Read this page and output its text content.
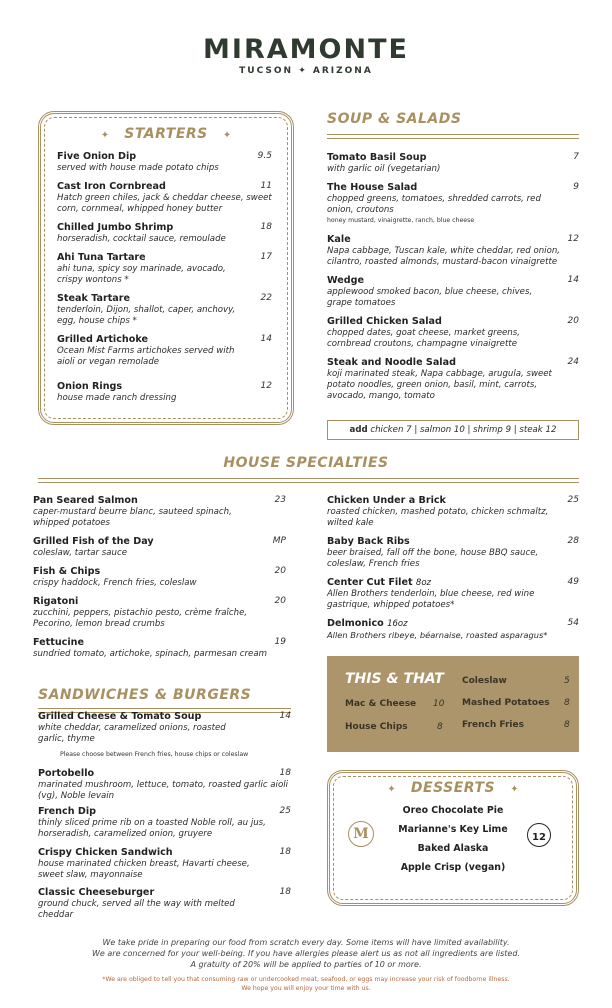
MIRAMONTE
TUCSON ✦ ARIZONA
✦ STARTERS ✦
Five Onion Dip
served with house made potato chips
9.5
Cast Iron Cornbread
Hatch green chiles, jack & cheddar cheese, sweet corn, cornmeal, whipped honey butter
11
Chilled Jumbo Shrimp
horseradish, cocktail sauce, remoulade
18
Ahi Tuna Tartare
ahi tuna, spicy soy marinade, avocado, crispy wontons *
17
Steak Tartare
tenderloin, Dijon, shallot, caper, anchovy, egg, house chips *
22
Grilled Artichoke
Ocean Mist Farms artichokes served with aioli or vegan remolade
14
Onion Rings
house made ranch dressing
12
SOUP & SALADS
Tomato Basil Soup
with garlic oil (vegetarian)
7
The House Salad
chopped greens, tomatoes, shredded carrots, red onion, croutons
honey mustard, vinaigrette, ranch, blue cheese
9
Kale
Napa cabbage, Tuscan kale, white cheddar, red onion, cilantro, roasted almonds, mustard-bacon vinaigrette
12
Wedge
applewood smoked bacon, blue cheese, chives, grape tomatoes
14
Grilled Chicken Salad
chopped dates, goat cheese, market greens, cornbread croutons, champagne vinaigrette
20
Steak and Noodle Salad
koji marinated steak, Napa cabbage, arugula, sweet potato noodles, green onion, basil, mint, carrots, avocado, mango, tomato
24
add chicken 7 | salmon 10 | shrimp 9 | steak 12
HOUSE SPECIALTIES
Pan Seared Salmon
caper-mustard beurre blanc, sauteed spinach, whipped potatoes
23
Grilled Fish of the Day
coleslaw, tartar sauce
MP
Fish & Chips
crispy haddock, French fries, coleslaw
20
Rigatoni
zucchini, peppers, pistachio pesto, crème fraîche, Pecorino, lemon bread crumbs
20
Fettucine
sundried tomato, artichoke, spinach, parmesan cream
19
Chicken Under a Brick
roasted chicken, mashed potato, chicken schmaltz, wilted kale
25
Baby Back Ribs
beer braised, fall off the bone, house BBQ sauce, coleslaw, French fries
28
Center Cut Filet 8oz
Allen Brothers tenderloin, blue cheese, red wine gastrique, whipped potatoes*
49
Delmonico 16oz
Allen Brothers ribeye, béarnaise, roasted asparagus*
54
SANDWICHES & BURGERS
Grilled Cheese & Tomato Soup
white cheddar, caramelized onions, roasted garlic, thyme
14
Please choose between French fries, house chips or coleslaw
Portobello
marinated mushroom, lettuce, tomato, roasted garlic aioli (vg), Noble levain
18
French Dip
thinly sliced prime rib on a toasted Noble roll, au jus, horseradish, caramelized onion, gruyere
25
Crispy Chicken Sandwich
house marinated chicken breast, Havarti cheese, sweet slaw, mayonnaise
18
Classic Cheeseburger
ground chuck, served all the way with melted cheddar
18
THIS & THAT
Mac & Cheese 10
House Chips	8
Coleslaw	5
Mashed Potatoes 8
French Fries	8
✦ DESSERTS ✦
M
Oreo Chocolate Pie
Marianne's Key Lime
Baked Alaska
Apple Crisp (vegan)
12
We take pride in preparing our food from scratch every day. Some items will have limited availability.
We are concerned for your well-being. If you have allergies please alert us as not all ingredients are listed.
A gratuity of 20% will be applied to parties of 10 or more.
*We are obliged to tell you that consuming raw or undercooked meat, seafood, or eggs may increase your risk of foodborne illness.
We hope you will enjoy your time with us.
